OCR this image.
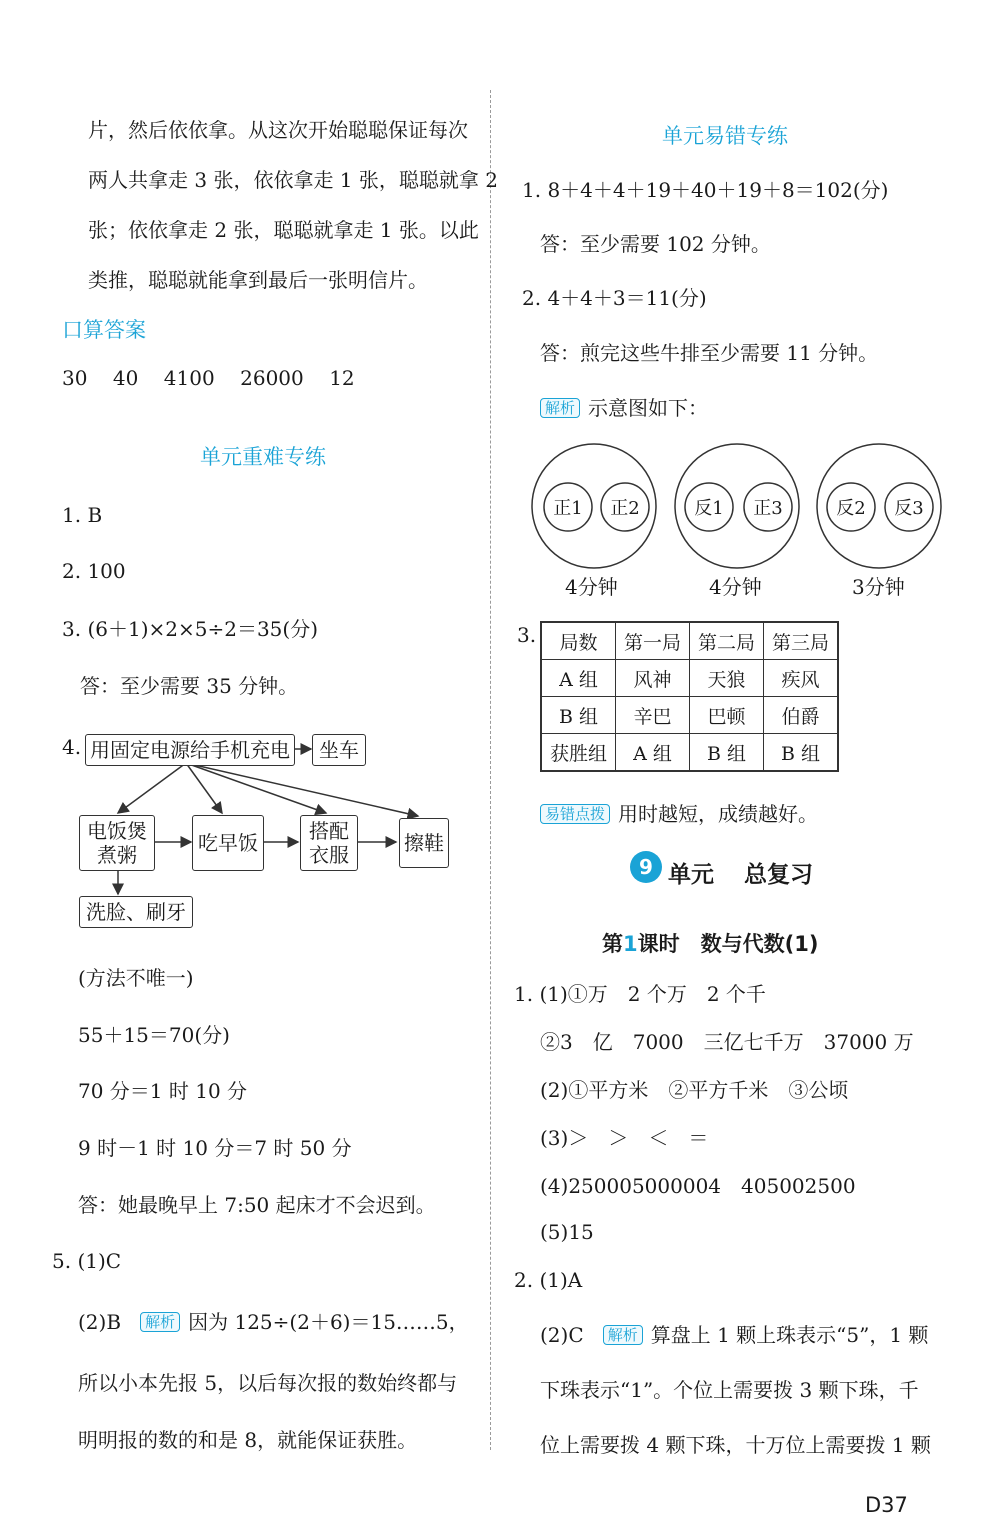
片，然后依依拿。从这次开始聪聪保证每次
两人共拿走 3 张，依依拿走 1 张，聪聪就拿 2
张；依依拿走 2 张，聪聪就拿走 1 张。以此
类推，聪聪就能拿到最后一张明信片。
口算答案
30 40 4100 26000 12
单元重难专练
1. B
2. 100
3. (6＋1)×2×5÷2＝35(分)
答：至少需要 35 分钟。
4. 用固定电源给手机充电	坐车
电饭煲
煮粥	吃早饭	搭配
衣服	擦鞋
洗脸、刷牙
(方法不唯一)
55＋15＝70(分)
70 分＝1 时 10 分
9 时－1 时 10 分＝7 时 50 分
答：她最晚早上 7:50 起床才不会迟到。
5. (1)C
(2)B 解析 因为 125÷(2＋6)＝15……5，
所以小本先报 5，以后每次报的数始终都与
明明报的数的和是 8，就能保证获胜。
单元易错专练
1. 8＋4＋4＋19＋40＋19＋8＝102(分)
答：至少需要 102 分钟。
2. 4＋4＋3＝11(分)
答：煎完这些牛排至少需要 11 分钟。
解析 示意图如下：
正1 正2	反1 正3	反2 反3
4分钟	4分钟	3分钟
3. 局数	第一局	第二局	第三局
A 组	风神	天狼	疾风
B 组	辛巴	巴顿	伯爵
获胜组	A 组	B 组	B 组
易错点拨 用时越短，成绩越好。
9 单元 总复习
第1课时　数与代数(1)
1. (1)①万　2 个万　2 个千
②3　亿　7000　三亿七千万　37000 万
(2)①平方米　②平方千米　③公顷
(3)＞　＞　＜　＝
(4)250005000004　405002500
(5)15
2. (1)A
(2)C 解析 算盘上 1 颗上珠表示“5”，1 颗
下珠表示“1”。个位上需要拨 3 颗下珠，千
位上需要拨 4 颗下珠，十万位上需要拨 1 颗
D37
